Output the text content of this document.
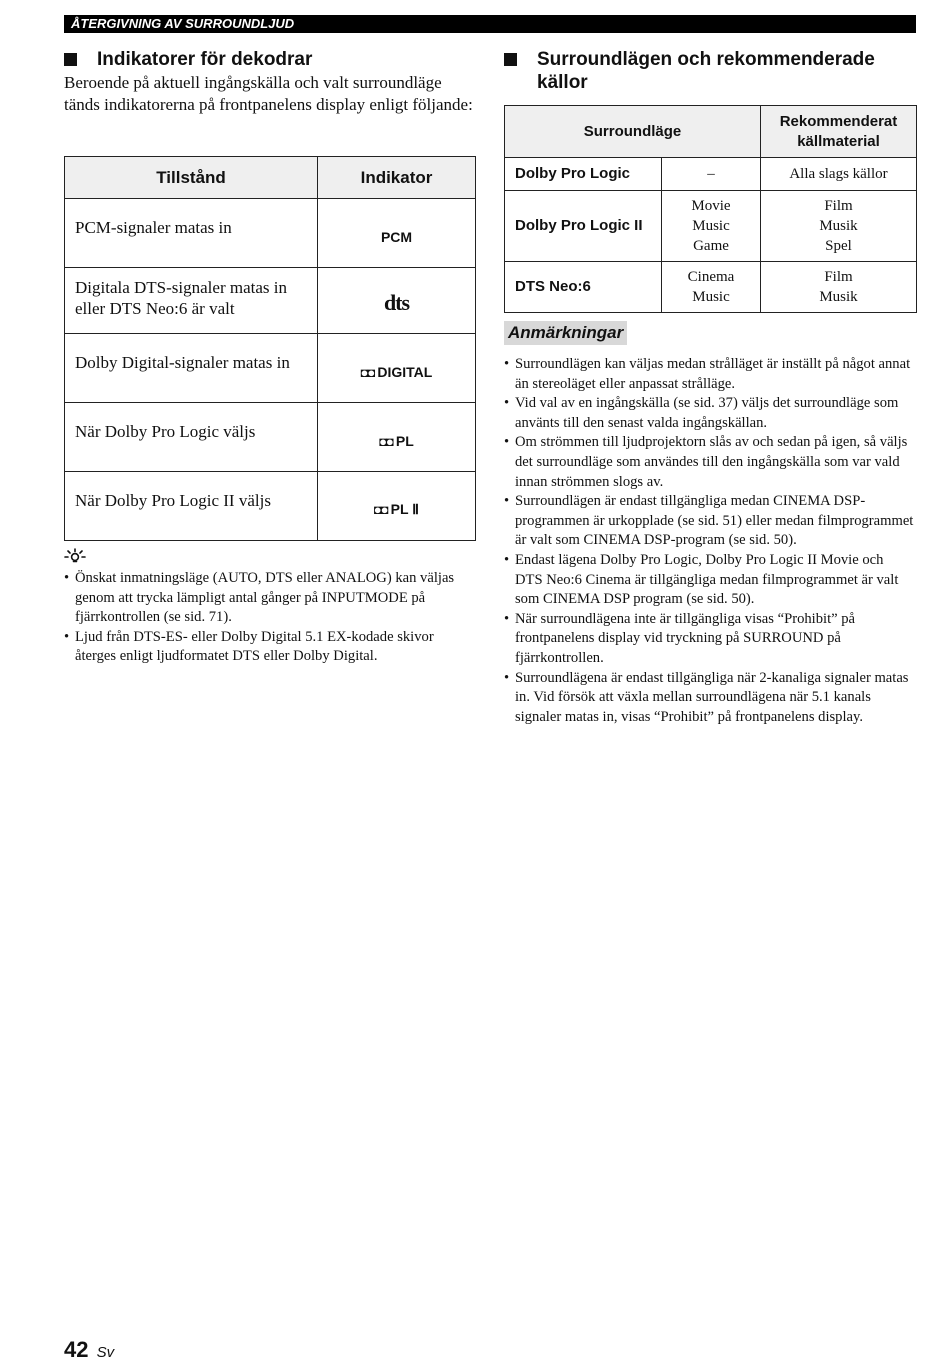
ÅTERGIVNING AV SURROUNDLJUD
Indikatorer för dekodrar
Beroende på aktuell ingångskälla och valt surroundläge tänds indikatorerna på frontpanelens display enligt följande:
Tillstånd	Indikator
PCM-signaler matas in	PCM
Digitala DTS-signaler matas in eller DTS Neo:6 är valt	dts
Dolby Digital-signaler matas in	◘◘ DIGITAL
När Dolby Pro Logic väljs	◘◘ PL
När Dolby Pro Logic II väljs	◘◘ PL Ⅱ
• Önskat inmatningsläge (AUTO, DTS eller ANALOG) kan väljas genom att trycka lämpligt antal gånger på INPUTMODE på fjärrkontrollen (se sid. 71).
• Ljud från DTS-ES- eller Dolby Digital 5.1 EX-kodade skivor återges enligt ljudformatet DTS eller Dolby Digital.
Surroundlägen och rekommenderade
källor
Surroundläge		Rekommenderat
källmaterial

Dolby Pro Logic	–	Alla slags källor
Dolby Pro Logic II	Movie
Music
Game	Film
Musik
Spel

DTS Neo:6	Cinema
Music	Film
Musik
Anmärkningar
• Surroundlägen kan väljas medan strålläget är inställt på något annat än stereoläget eller anpassat strålläge.
• Vid val av en ingångskälla (se sid. 37) väljs det surroundläge som använts till den senast valda ingångskällan.
• Om strömmen till ljudprojektorn slås av och sedan på igen, så väljs det surroundläge som användes till den ingångskälla som var vald innan strömmen slogs av.
• Surroundlägen är endast tillgängliga medan CINEMA DSP-programmen är urkopplade (se sid. 51) eller medan filmprogrammet är valt som CINEMA DSP-program (se sid. 50).
• Endast lägena Dolby Pro Logic, Dolby Pro Logic II Movie och DTS Neo:6 Cinema är tillgängliga medan filmprogrammet är valt som CINEMA DSP program (se sid. 50).
• När surroundlägena inte är tillgängliga visas “Prohibit” på frontpanelens display vid tryckning på SURROUND på fjärrkontrollen.
• Surroundlägena är endast tillgängliga när 2-kanaliga signaler matas in. Vid försök att växla mellan surroundlägena när 5.1 kanals signaler matas in, visas “Prohibit” på frontpanelens display.
42 Sv
